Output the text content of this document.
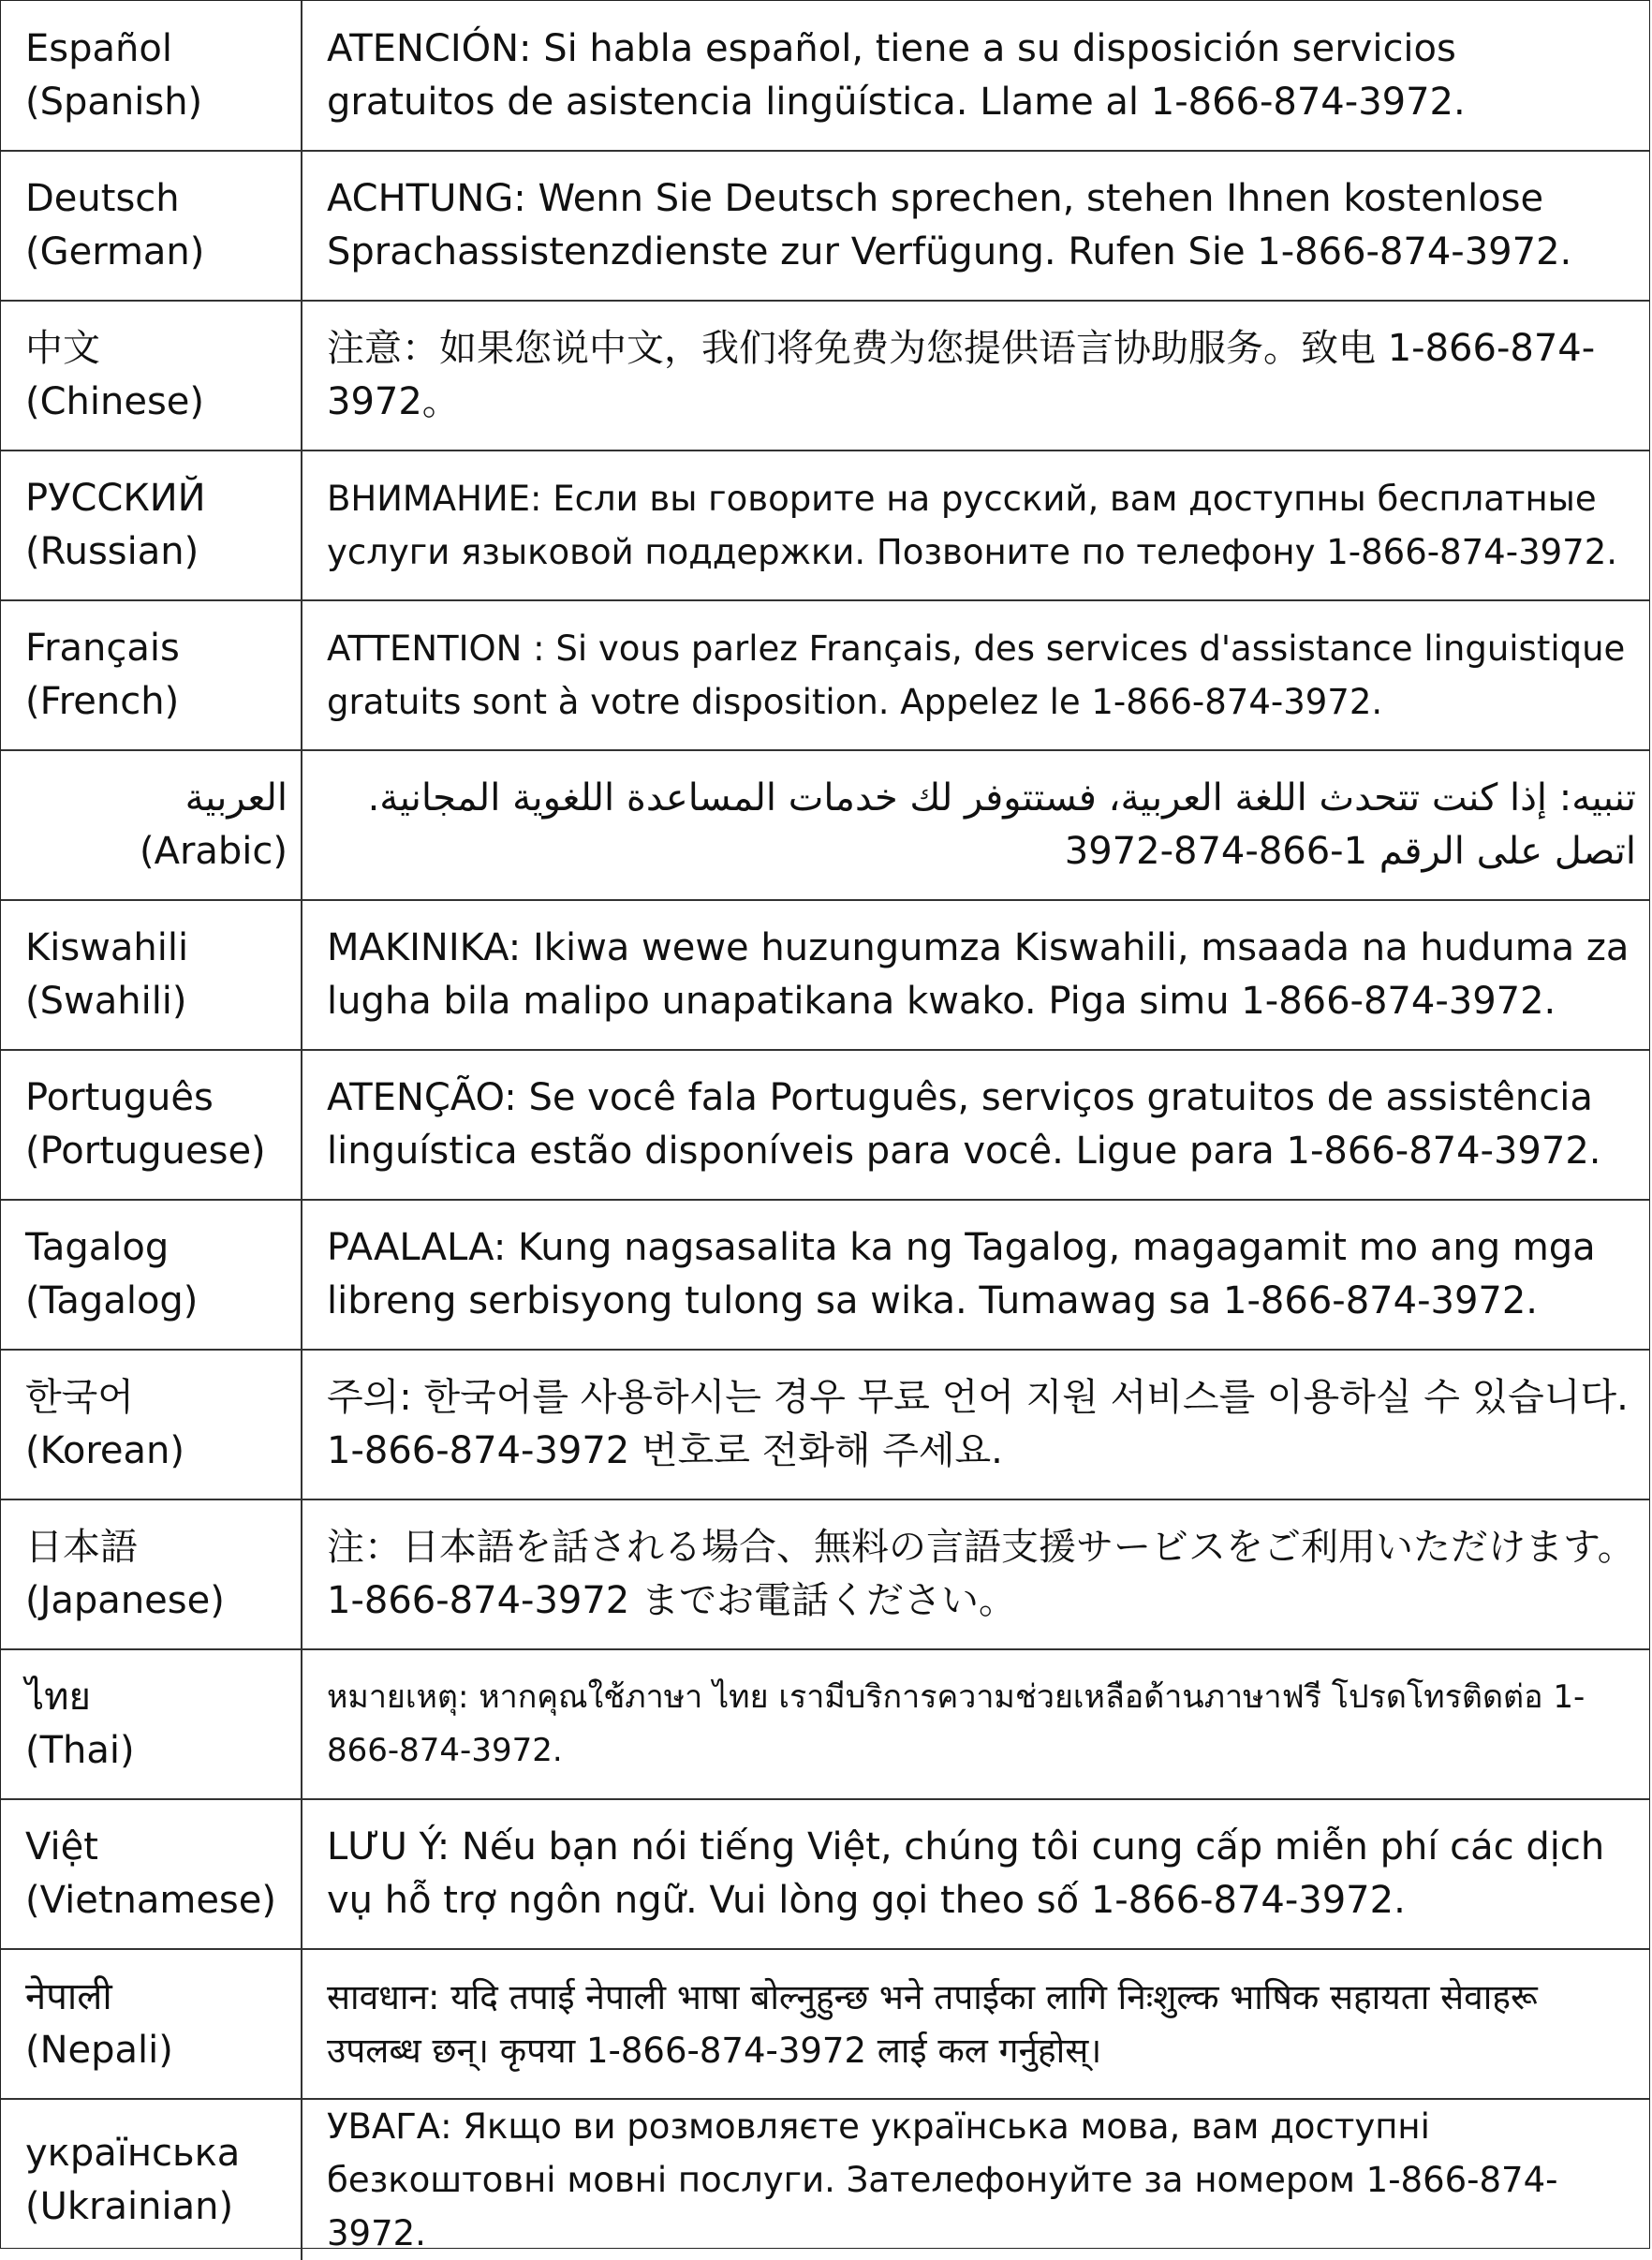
Español
(Spanish)	ATENCIÓN: Si habla español, tiene a su disposición servicios gratuitos de asistencia lingüística. Llame al 1-866-874-3972.

Deutsch
(German)	ACHTUNG: Wenn Sie Deutsch sprechen, stehen Ihnen kostenlose Sprachassistenzdienste zur Verfügung. Rufen Sie 1-866-874-3972.

中文
(Chinese)	注意：如果您说中文，我们将免费为您提供语言协助服务。致电 1-866-874-3972。

РУССКИЙ
(Russian)	ВНИМАНИЕ: Если вы говорите на русский, вам доступны бесплатные услуги языковой поддержки. Позвоните по телефону 1-866-874-3972.

Français
(French)	ATTENTION : Si vous parlez Français, des services d'assistance linguistique gratuits sont à votre disposition. Appelez le 1-866-874-3972.

العربية
(Arabic)	تنبيه: إذا كنت تتحدث اللغة العربية، فستتوفر لك خدمات المساعدة اللغوية المجانية. اتصل على الرقم 1-866-874-3972

Kiswahili
(Swahili)	MAKINIKA: Ikiwa wewe huzungumza Kiswahili, msaada na huduma za lugha bila malipo unapatikana kwako. Piga simu 1-866-874-3972.

Português
(Portuguese)	ATENÇÃO: Se você fala Português, serviços gratuitos de assistência linguística estão disponíveis para você. Ligue para 1-866-874-3972.

Tagalog
(Tagalog)	PAALALA: Kung nagsasalita ka ng Tagalog, magagamit mo ang mga libreng serbisyong tulong sa wika. Tumawag sa 1-866-874-3972.

한국어
(Korean)	주의: 한국어를 사용하시는 경우 무료 언어 지원 서비스를 이용하실 수 있습니다. 1-866-874-3972 번호로 전화해 주세요.

日本語
(Japanese)	注：日本語を話される場合、無料の言語支援サービスをご利用いただけます。1-866-874-3972 までお電話ください。

ไทย
(Thai)	หมายเหตุ: หากคุณใช้ภาษา ไทย เรามีบริการความช่วยเหลือด้านภาษาฟรี โปรดโทรติดต่อ 1-866-874-3972.

Việt
(Vietnamese)	LƯU Ý: Nếu bạn nói tiếng Việt, chúng tôi cung cấp miễn phí các dịch vụ hỗ trợ ngôn ngữ. Vui lòng gọi theo số 1-866-874-3972.

नेपाली
(Nepali)	सावधान: यदि तपाई नेपाली भाषा बोल्नुहुन्छ भने तपाईका लागि निःशुल्क भाषिक सहायता सेवाहरू उपलब्ध छन्। कृपया 1-866-874-3972 लाई कल गर्नुहोस्।

українська
(Ukrainian)	УВАГА: Якщо ви розмовляєте українська мова, вам доступні безкоштовні мовні послуги. Зателефонуйте за номером 1-866-874-3972.
